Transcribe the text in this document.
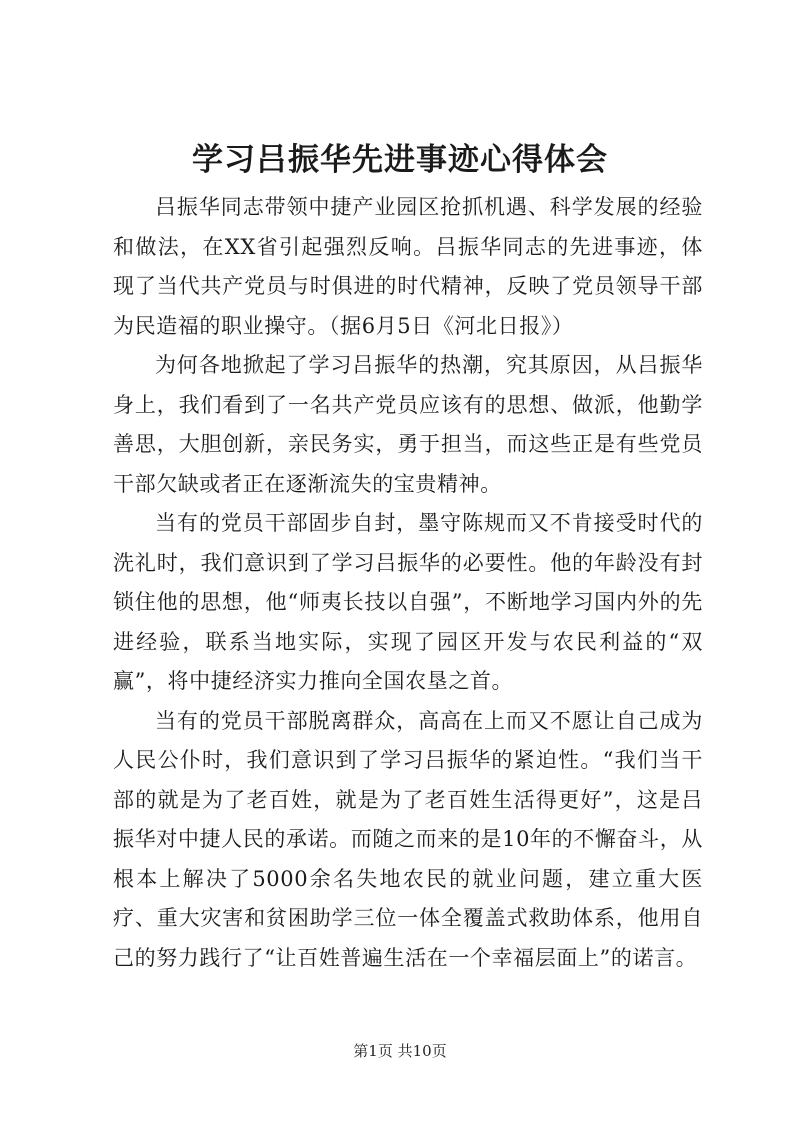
学习吕振华先进事迹心得体会

吕振华同志带领中捷产业园区抢抓机遇、科学发展的经验和做法，在XX省引起强烈反响。吕振华同志的先进事迹，体现了当代共产党员与时俱进的时代精神，反映了党员领导干部为民造福的职业操守。（据6月5日《河北日报》）

为何各地掀起了学习吕振华的热潮，究其原因，从吕振华身上，我们看到了一名共产党员应该有的思想、做派，他勤学善思，大胆创新，亲民务实，勇于担当，而这些正是有些党员干部欠缺或者正在逐渐流失的宝贵精神。

当有的党员干部固步自封，墨守陈规而又不肯接受时代的洗礼时，我们意识到了学习吕振华的必要性。他的年龄没有封锁住他的思想，他“师夷长技以自强”，不断地学习国内外的先进经验，联系当地实际，实现了园区开发与农民利益的“双赢”，将中捷经济实力推向全国农垦之首。

当有的党员干部脱离群众，高高在上而又不愿让自己成为人民公仆时，我们意识到了学习吕振华的紧迫性。“我们当干部的就是为了老百姓，就是为了老百姓生活得更好”，这是吕振华对中捷人民的承诺。而随之而来的是10年的不懈奋斗，从根本上解决了5000余名失地农民的就业问题，建立重大医疗、重大灾害和贫困助学三位一体全覆盖式救助体系，他用自己的努力践行了“让百姓普遍生活在一个幸福层面上”的诺言。

第1页 共10页
